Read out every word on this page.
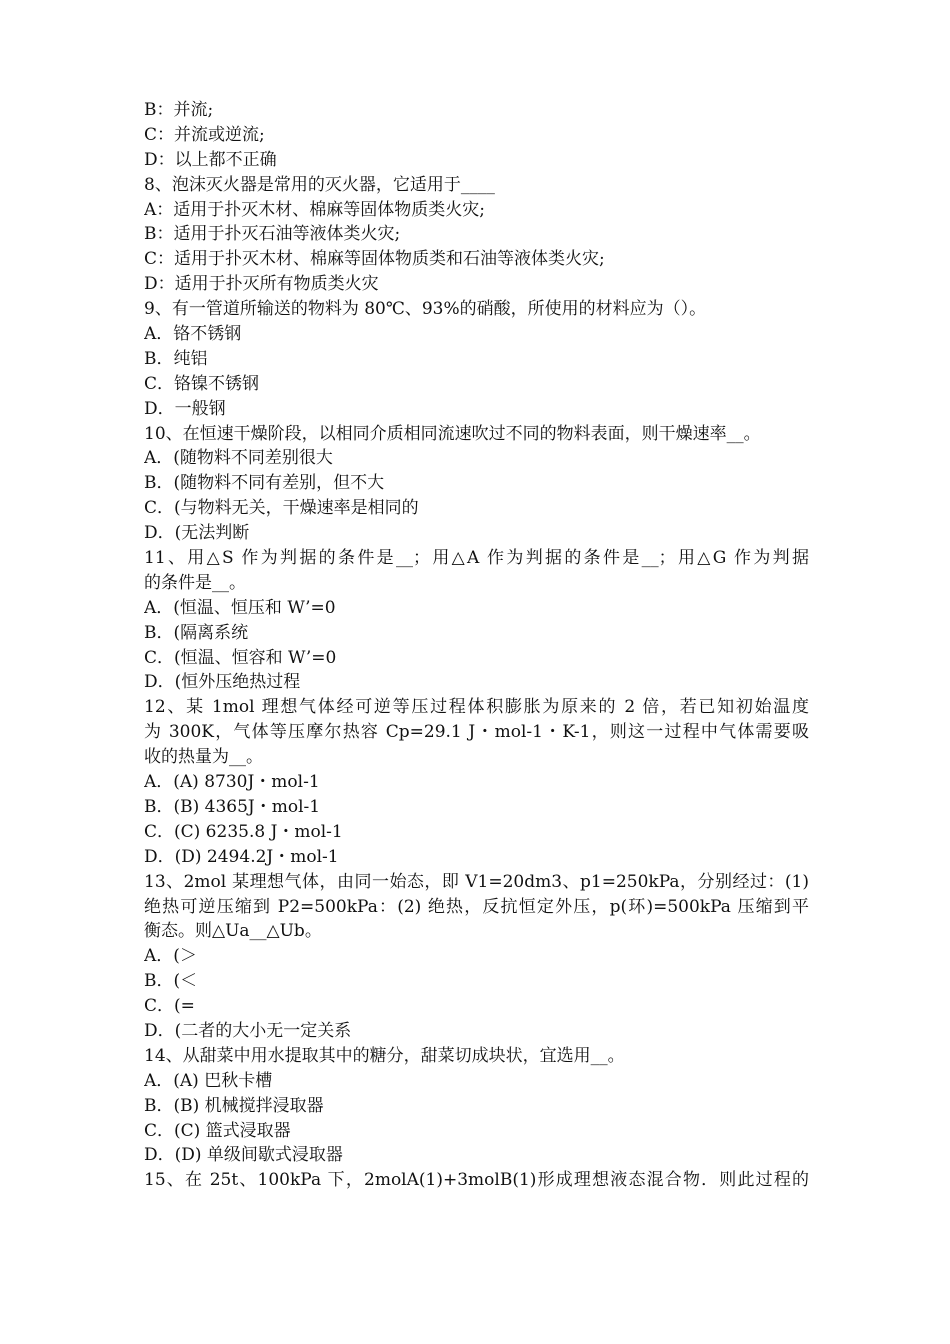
B：并流;
C：并流或逆流;
D：以上都不正确
8、泡沫灭火器是常用的灭火器，它适用于____
A：适用于扑灭木材、棉麻等固体物质类火灾;
B：适用于扑灭石油等液体类火灾;
C：适用于扑灭木材、棉麻等固体物质类和石油等液体类火灾;
D：适用于扑灭所有物质类火灾
9、有一管道所输送的物料为 80℃、93%的硝酸，所使用的材料应为（）。
A．铬不锈钢
B．纯铝
C．铬镍不锈钢
D．一般钢
10、在恒速干燥阶段，以相同介质相同流速吹过不同的物料表面，则干燥速率__。
A．(随物料不同差别很大
B．(随物料不同有差别，但不大
C．(与物料无关，干燥速率是相同的
D．(无法判断
11、用△S 作为判据的条件是__；用△A 作为判据的条件是__；用△G 作为判据
的条件是__。
A．(恒温、恒压和 W’=0
B．(隔离系统
C．(恒温、恒容和 W’=0
D．(恒外压绝热过程
12、某 1mol 理想气体经可逆等压过程体积膨胀为原来的 2 倍，若已知初始温度
为 300K，气体等压摩尔热容 Cp=29.1 J・mol-1・K-1，则这一过程中气体需要吸
收的热量为__。
A．(A) 8730J・mol-1
B．(B) 4365J・mol-1
C．(C) 6235.8 J・mol-1
D．(D) 2494.2J・mol-1
13、2mol 某理想气体，由同一始态，即 V1=20dm3、p1=250kPa，分别经过：(1)
绝热可逆压缩到 P2=500kPa：(2) 绝热，反抗恒定外压，p(环)=500kPa 压缩到平
衡态。则△Ua__△Ub。
A．(＞
B．(＜
C．(=
D．(二者的大小无一定关系
14、从甜菜中用水提取其中的糖分，甜菜切成块状，宜选用__。
A．(A) 巴秋卡槽
B．(B) 机械搅拌浸取器
C．(C) 篮式浸取器
D．(D) 单级间歇式浸取器
15、在 25t、100kPa 下，2molA(1)+3molB(1)形成理想液态混合物．则此过程的
